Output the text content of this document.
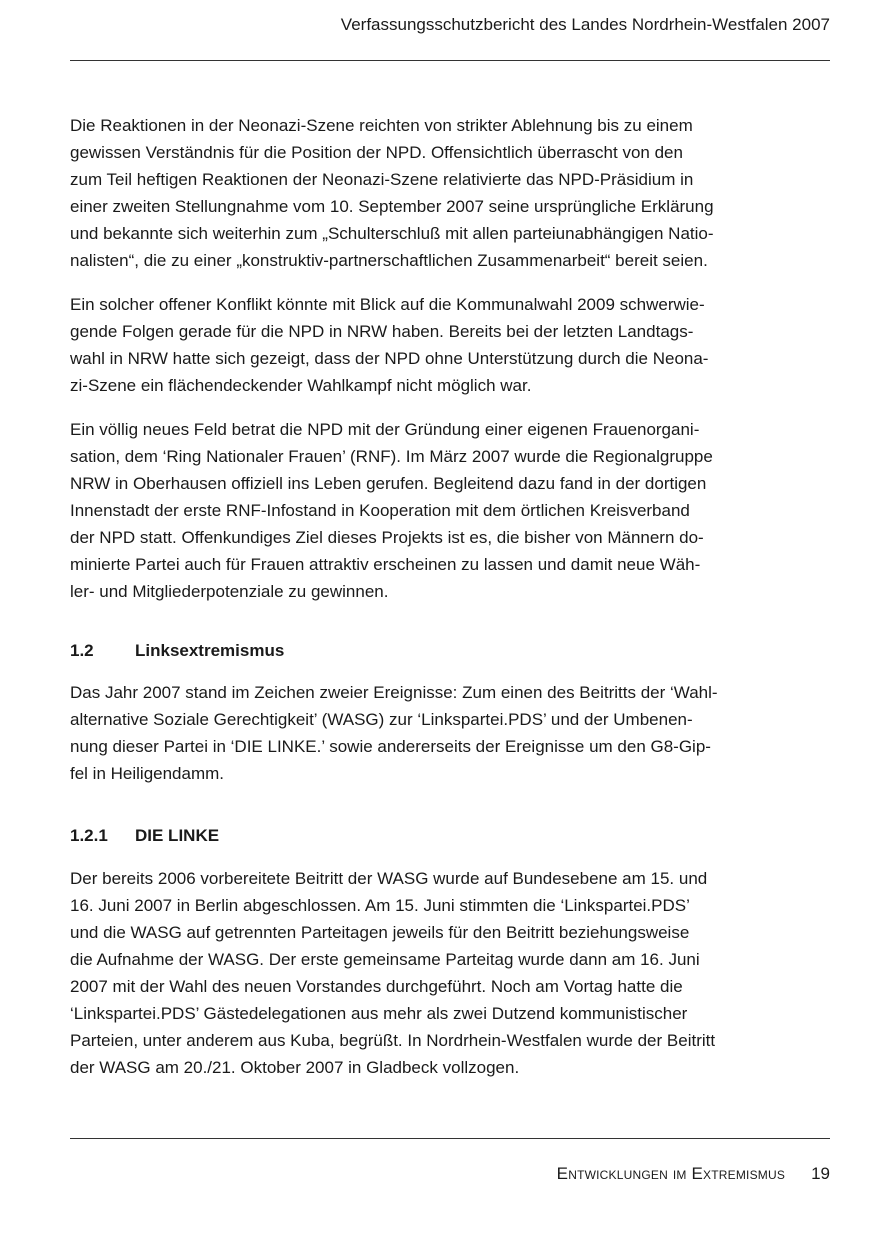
Verfassungsschutzbericht des Landes Nordrhein-Westfalen 2007

Die Reaktionen in der Neonazi-Szene reichten von strikter Ablehnung bis zu einem
gewissen Verständnis für die Position der NPD. Offensichtlich überrascht von den
zum Teil heftigen Reaktionen der Neonazi-Szene relativierte das NPD-Präsidium in
einer zweiten Stellungnahme vom 10. September 2007 seine ursprüngliche Erklärung
und bekannte sich weiterhin zum „Schulterschluß mit allen parteiunabhängigen Natio-
nalisten“, die zu einer „konstruktiv-partnerschaftlichen Zusammenarbeit“ bereit seien.

Ein solcher offener Konflikt könnte mit Blick auf die Kommunalwahl 2009 schwerwie-
gende Folgen gerade für die NPD in NRW haben. Bereits bei der letzten Landtags-
wahl in NRW hatte sich gezeigt, dass der NPD ohne Unterstützung durch die Neona-
zi-Szene ein flächendeckender Wahlkampf nicht möglich war.

Ein völlig neues Feld betrat die NPD mit der Gründung einer eigenen Frauenorgani-
sation, dem ‘Ring Nationaler Frauen’ (RNF). Im März 2007 wurde die Regionalgruppe
NRW in Oberhausen offiziell ins Leben gerufen. Begleitend dazu fand in der dortigen
Innenstadt der erste RNF-Infostand in Kooperation mit dem örtlichen Kreisverband
der NPD statt. Offenkundiges Ziel dieses Projekts ist es, die bisher von Männern do-
minierte Partei auch für Frauen attraktiv erscheinen zu lassen und damit neue Wäh-
ler- und Mitgliederpotenziale zu gewinnen.

1.2	Linksextremismus

Das Jahr 2007 stand im Zeichen zweier Ereignisse: Zum einen des Beitritts der ‘Wahl-
alternative Soziale Gerechtigkeit’ (WASG) zur ‘Linkspartei.PDS’ und der Umbenen-
nung dieser Partei in ‘DIE LINKE.’ sowie andererseits der Ereignisse um den G8-Gip-
fel in Heiligendamm.

1.2.1	DIE LINKE

Der bereits 2006 vorbereitete Beitritt der WASG wurde auf Bundesebene am 15. und
16. Juni 2007 in Berlin abgeschlossen. Am 15. Juni stimmten die ‘Linkspartei.PDS’
und die WASG auf getrennten Parteitagen jeweils für den Beitritt beziehungsweise
die Aufnahme der WASG. Der erste gemeinsame Parteitag wurde dann am 16. Juni
2007 mit der Wahl des neuen Vorstandes durchgeführt. Noch am Vortag hatte die
‘Linkspartei.PDS’ Gästedelegationen aus mehr als zwei Dutzend kommunistischer
Parteien, unter anderem aus Kuba, begrüßt. In Nordrhein-Westfalen wurde der Beitritt
der WASG am 20./21. Oktober 2007 in Gladbeck vollzogen.

Entwicklungen im Extremismus 19
